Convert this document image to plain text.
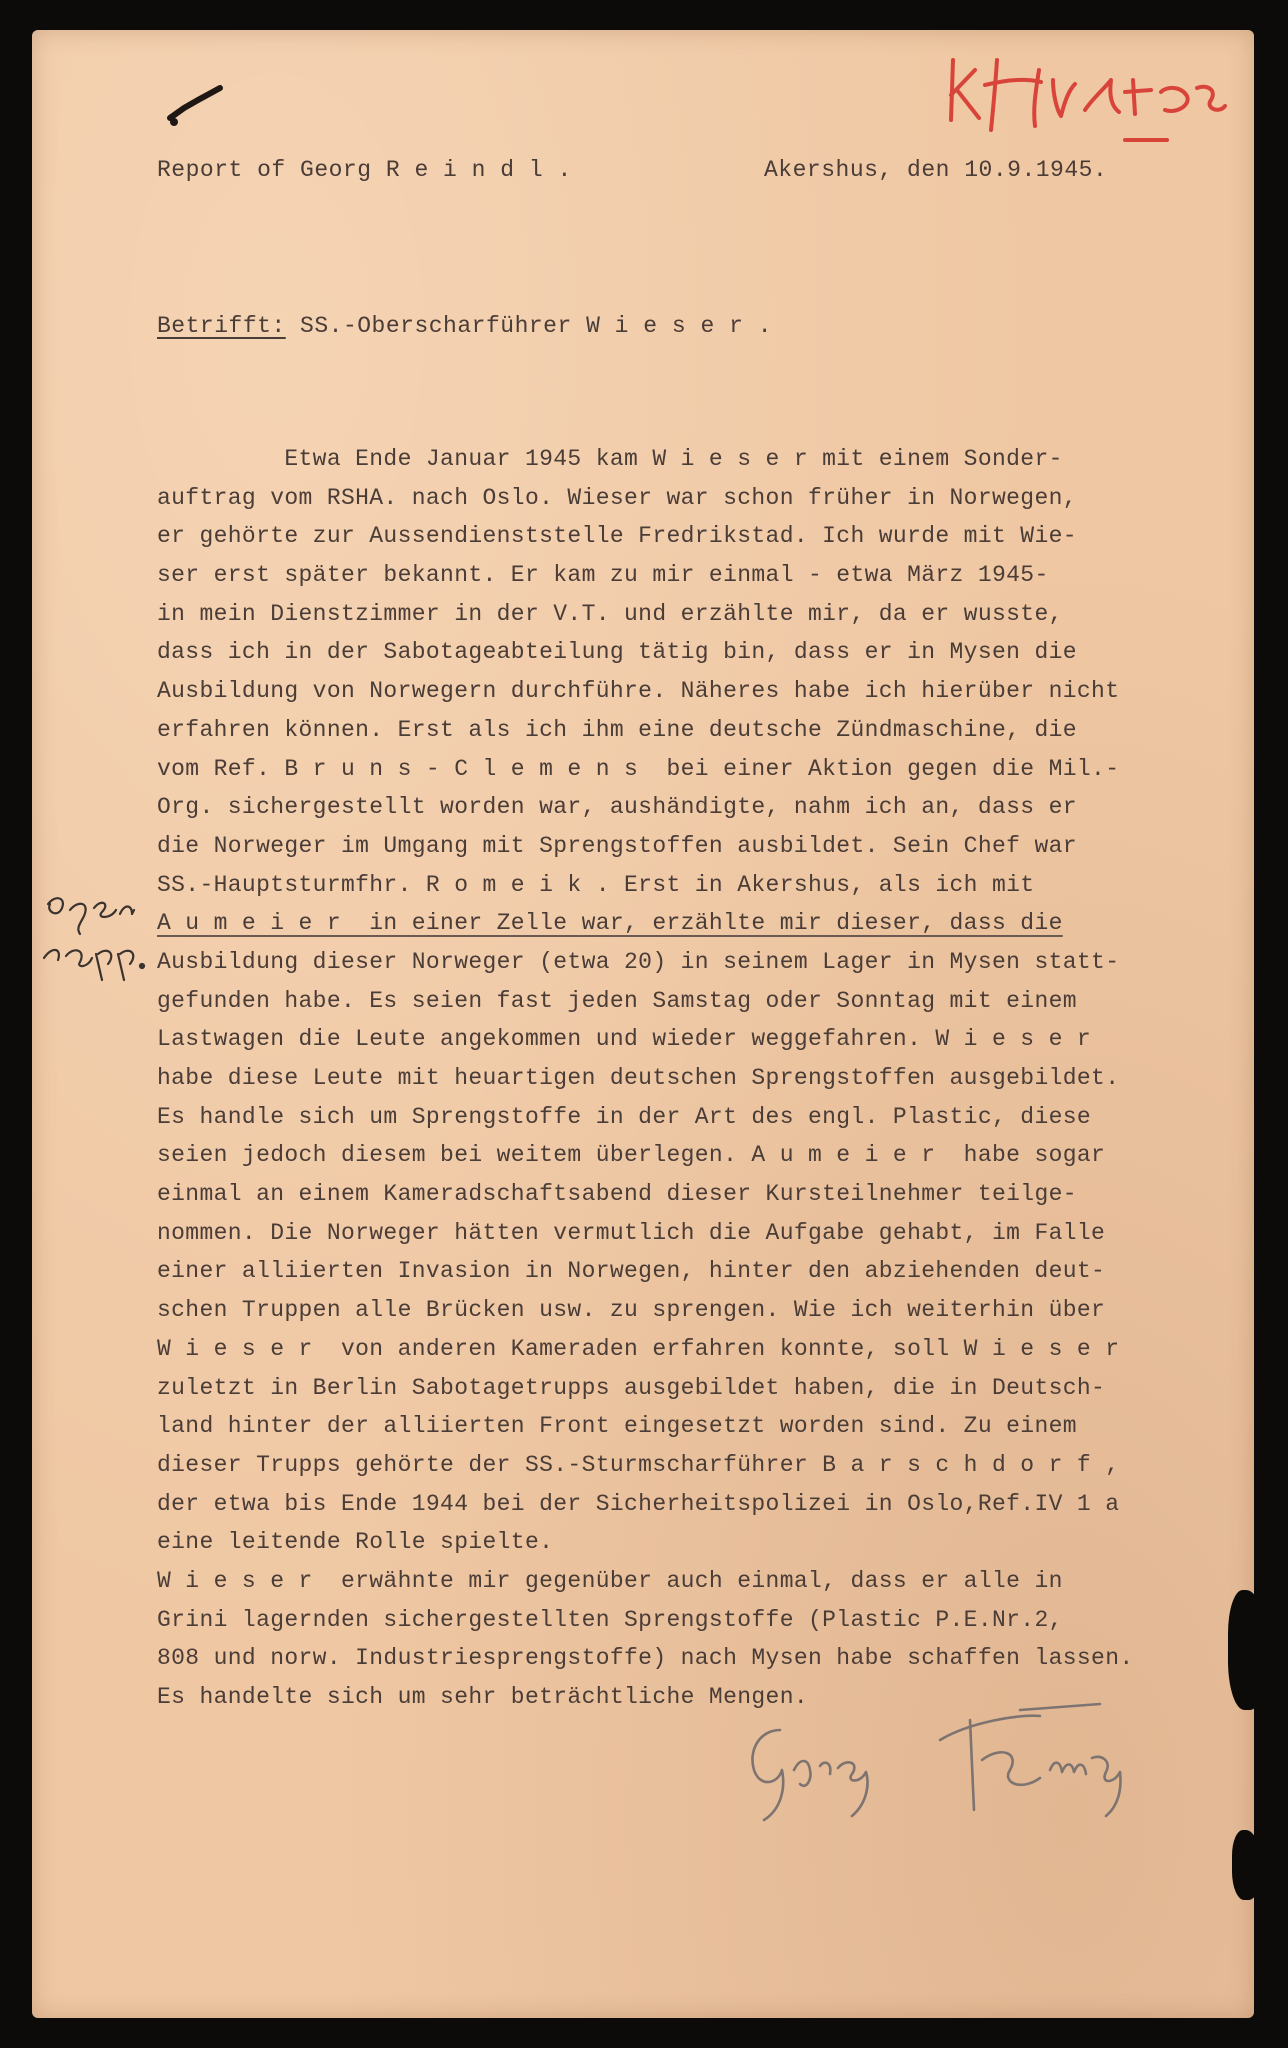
Report of Georg R e i n d l .	Akershus, den 10.9.1945.
Betrifft: SS.-Oberscharführer W i e s e r .
Etwa Ende Januar 1945 kam W i e s e r mit einem Sonder-
auftrag vom RSHA. nach Oslo. Wieser war schon früher in Norwegen,
er gehörte zur Aussendienststelle Fredrikstad. Ich wurde mit Wie-
ser erst später bekannt. Er kam zu mir einmal - etwa März 1945-
in mein Dienstzimmer in der V.T. und erzählte mir, da er wusste,
dass ich in der Sabotageabteilung tätig bin, dass er in Mysen die
Ausbildung von Norwegern durchführe. Näheres habe ich hierüber nicht
erfahren können. Erst als ich ihm eine deutsche Zündmaschine, die
vom Ref. B r u n s - C l e m e n s  bei einer Aktion gegen die Mil.-
Org. sichergestellt worden war, aushändigte, nahm ich an, dass er
die Norweger im Umgang mit Sprengstoffen ausbildet. Sein Chef war
SS.-Hauptsturmfhr. R o m e i k . Erst in Akershus, als ich mit
A u m e i e r  in einer Zelle war, erzählte mir dieser, dass die
Ausbildung dieser Norweger (etwa 20) in seinem Lager in Mysen statt-
gefunden habe. Es seien fast jeden Samstag oder Sonntag mit einem
Lastwagen die Leute angekommen und wieder weggefahren. W i e s e r
habe diese Leute mit heuartigen deutschen Sprengstoffen ausgebildet.
Es handle sich um Sprengstoffe in der Art des engl. Plastic, diese
seien jedoch diesem bei weitem überlegen. A u m e i e r  habe sogar
einmal an einem Kameradschaftsabend dieser Kursteilnehmer teilge-
nommen. Die Norweger hätten vermutlich die Aufgabe gehabt, im Falle
einer alliierten Invasion in Norwegen, hinter den abziehenden deut-
schen Truppen alle Brücken usw. zu sprengen. Wie ich weiterhin über
W i e s e r  von anderen Kameraden erfahren konnte, soll W i e s e r
zuletzt in Berlin Sabotagetrupps ausgebildet haben, die in Deutsch-
land hinter der alliierten Front eingesetzt worden sind. Zu einem
dieser Trupps gehörte der SS.-Sturmscharführer B a r s c h d o r f ,
der etwa bis Ende 1944 bei der Sicherheitspolizei in Oslo,Ref.IV 1 a
eine leitende Rolle spielte.
W i e s e r  erwähnte mir gegenüber auch einmal, dass er alle in
Grini lagernden sichergestellten Sprengstoffe (Plastic P.E.Nr.2,
808 und norw. Industriesprengstoffe) nach Mysen habe schaffen lassen.
Es handelte sich um sehr beträchtliche Mengen.
